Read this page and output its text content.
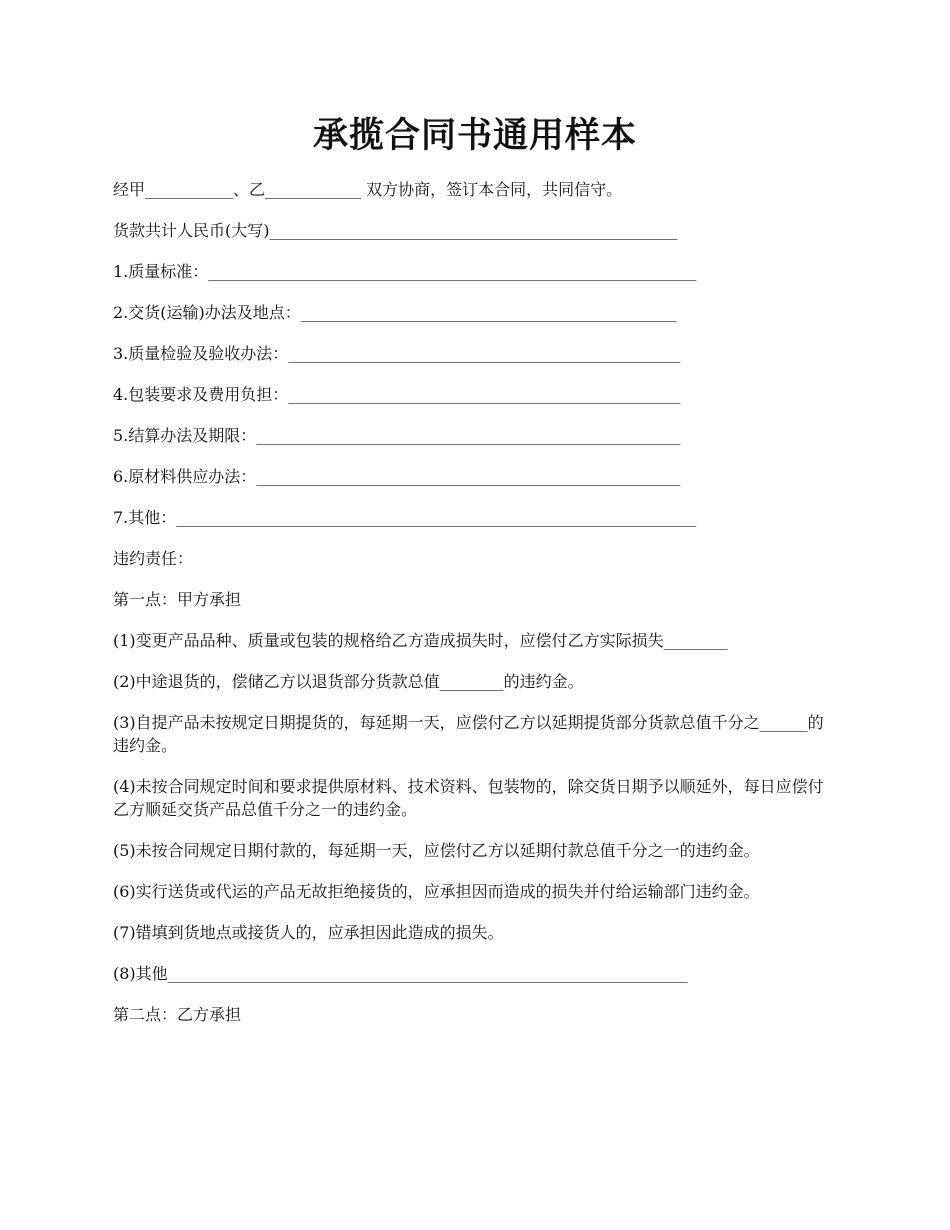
承揽合同书通用样本

经甲___________、乙____________ 双方协商，签订本合同，共同信守。

货款共计人民币(大写)___________________________________________________

1.质量标准：_____________________________________________________________

2.交货(运输)办法及地点：_______________________________________________

3.质量检验及验收办法：_________________________________________________

4.包装要求及费用负担：_________________________________________________

5.结算办法及期限：_____________________________________________________

6.原材料供应办法：_____________________________________________________

7.其他：_________________________________________________________________

违约责任：

第一点：甲方承担

(1)变更产品品种、质量或包装的规格给乙方造成损失时，应偿付乙方实际损失________

(2)中途退货的，偿储乙方以退货部分货款总值________的违约金。

(3)自提产品未按规定日期提货的，每延期一天，应偿付乙方以延期提货部分货款总值千分之______的违约金。

(4)未按合同规定时间和要求提供原材料、技术资料、包装物的，除交货日期予以顺延外，每日应偿付乙方顺延交货产品总值千分之一的违约金。

(5)未按合同规定日期付款的，每延期一天，应偿付乙方以延期付款总值千分之一的违约金。

(6)实行送货或代运的产品无故拒绝接货的，应承担因而造成的损失并付给运输部门违约金。

(7)错填到货地点或接货人的，应承担因此造成的损失。

(8)其他_________________________________________________________________

第二点：乙方承担
